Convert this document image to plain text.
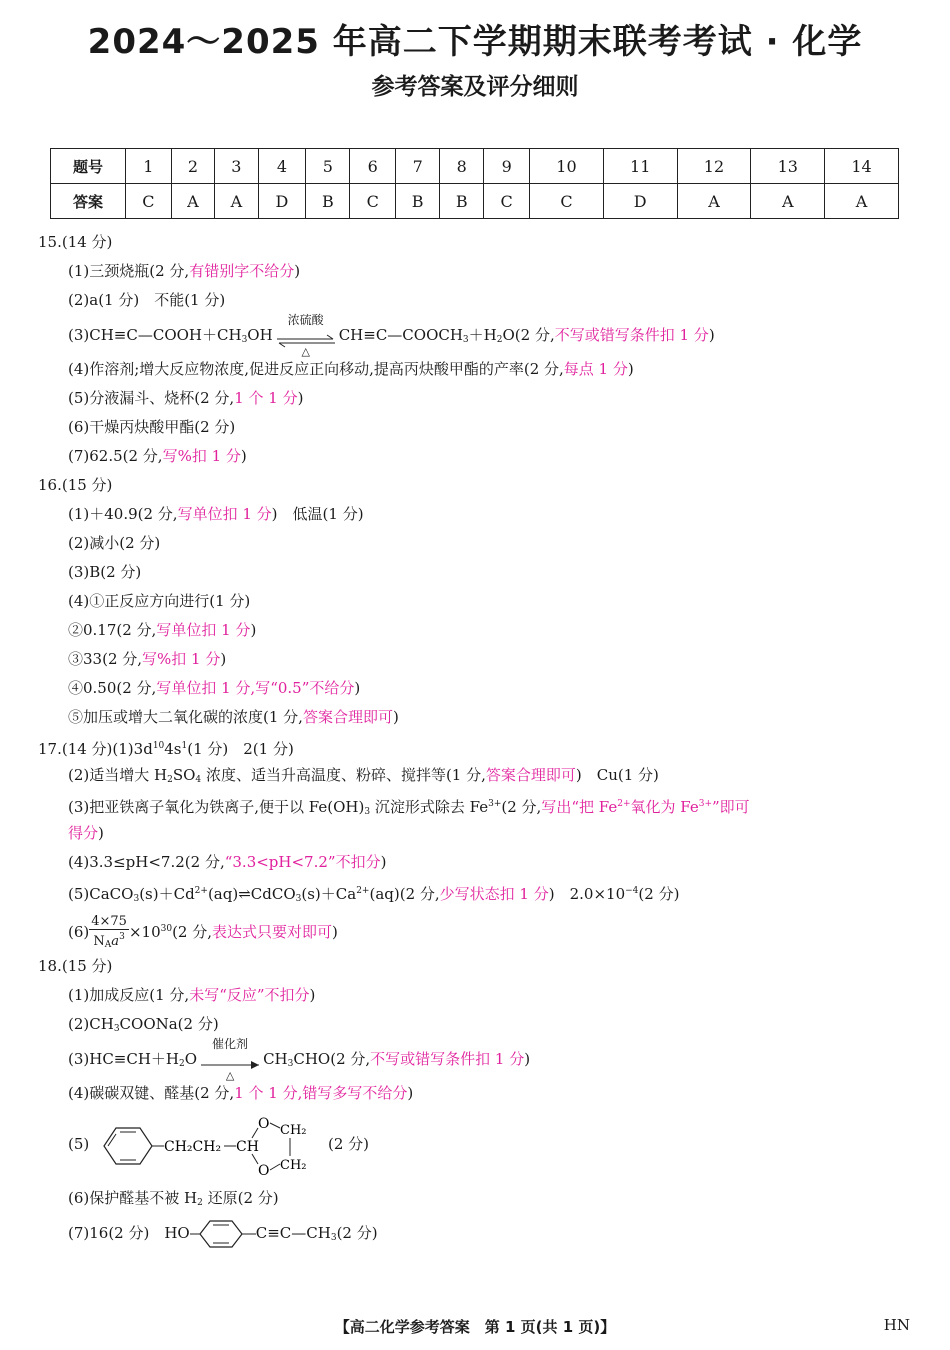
2024～2025 年高二下学期期末联考考试 · 化学
参考答案及评分细则
题号	1	2	3	4	5	6	7	8	9	10	11	12	13	14
答案	C	A	A	D	B	C	B	B	C	C	D	A	A	A
15.(14 分)
(1)三颈烧瓶(2 分,有错别字不给分)
(2)a(1 分)　不能(1 分)
$(3)CH\equiv C—COOH+CH_3OH$
浓硫酸
△
$CH\equiv C—COOCH_3+H_2O(2$ 分,不写或错写条件扣 1 分)
(4)作溶剂;增大反应物浓度,促进反应正向移动,提高丙炔酸甲酯的产率(2 分,每点 1 分)
(5)分液漏斗、烧杯(2 分,1 个 1 分)
(6)干燥丙炔酸甲酯(2 分)
(7)62.5(2 分,写%扣 1 分)
16.(15 分)
(1)＋40.9(2 分,写单位扣 1 分)　低温(1 分)
(2)减小(2 分)
(3)B(2 分)
(4)①正反应方向进行(1 分)
②0.17(2 分,写单位扣 1 分)
③33(2 分,写%扣 1 分)
④0.50(2 分,写单位扣 1 分,写“0.5”不给分)
⑤加压或增大二氧化碳的浓度(1 分,答案合理即可)
17.(14 分)$(1)3d^{10}4s^1(1$ 分)　2(1 分)
(2)适当增大 $H_2SO_4$ 浓度、适当升高温度、粉碎、搅拌等(1 分,答案合理即可)　Cu(1 分)
(3)把亚铁离子氧化为铁离子,便于以 $Fe(OH)_3$ 沉淀形式除去 $Fe^{3+}(2$ 分,写出“把 $Fe^{2+}$氧化为 $Fe^{3+}$”即可
得分)
(4)3.3≤pH<7.2(2 分,“3.3<pH<7.2”不扣分)
$(5)CaCO_3(s)+Cd^{2+}(aq)\rightleftharpoons CdCO_3(s)+Ca^{2+}(aq)(2$ 分,少写状态扣 1 分)　$2.0\times 10^{-4}(2$ 分)
$(6) \frac{4\times 75}{N_Aa^3} \times 10^{30}(2$ 分,表达式只要对即可)
18.(15 分)
(1)加成反应(1 分,未写“反应”不扣分)
$(2)CH_3COONa(2$ 分)
$(3)HC\equiv CH+H_2O$
催化剂
△
$CH_3CHO(2$ 分,不写或错写条件扣 1 分)
(4)碳碳双键、醛基(2 分,1 个 1 分,错写多写不给分)
(5)	CH₂CH₂ CH
O
O
CH₂
CH₂
(2 分)
(6)保护醛基不被 $H_2$ 还原(2 分)
(7)16(2 分)　HO	$C\equiv C—CH_3(2$ 分)
【高二化学参考答案　第 1 页(共 1 页)】	HN
